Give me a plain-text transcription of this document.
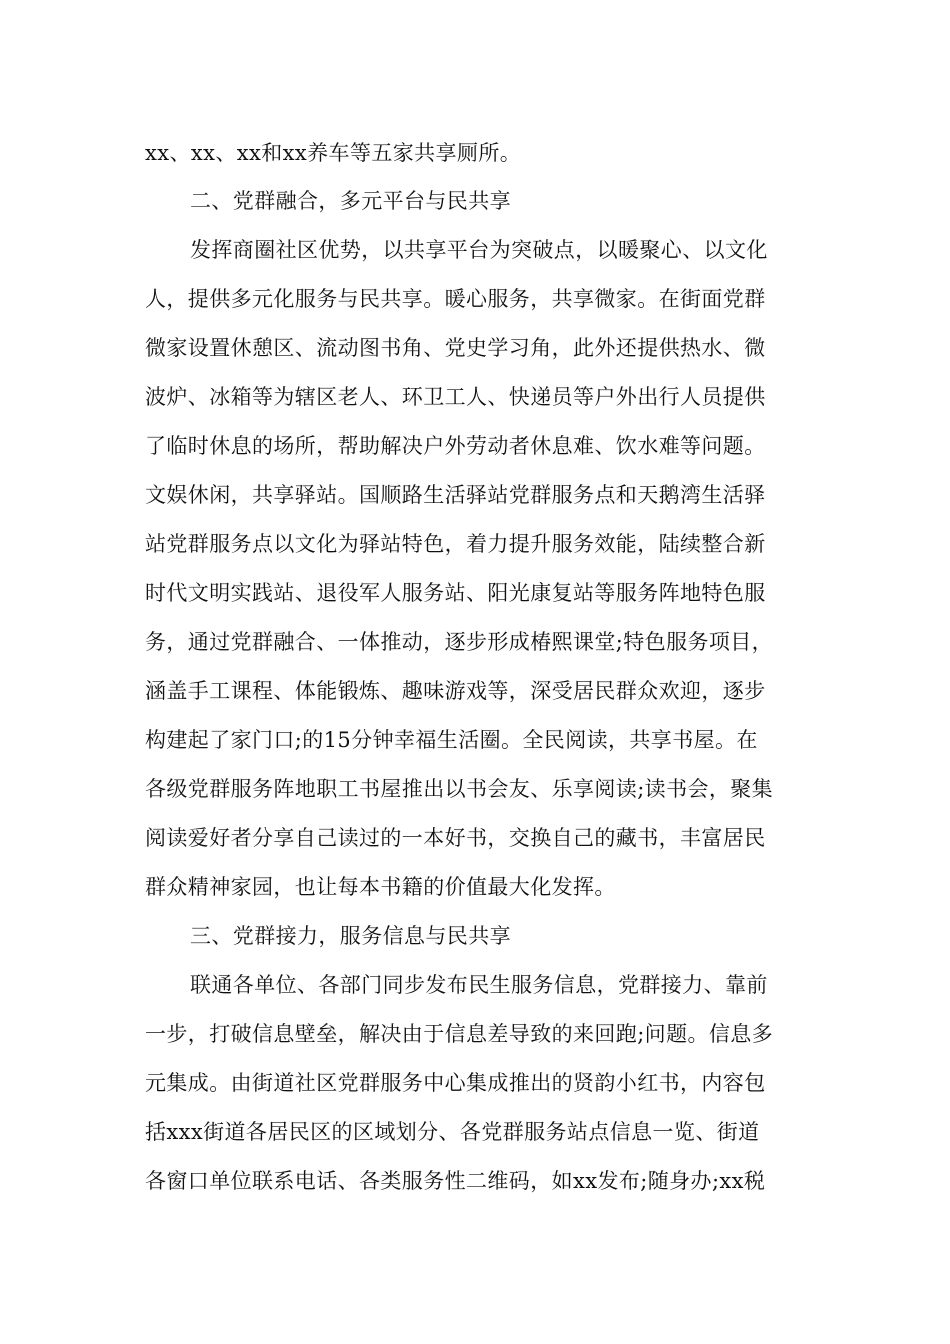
xx、xx、xx和xx养车等五家共享厕所。
二、党群融合，多元平台与民共享
发挥商圈社区优势，以共享平台为突破点，以暖聚心、以文化
人，提供多元化服务与民共享。暖心服务，共享微家。在街面党群
微家设置休憩区、流动图书角、党史学习角，此外还提供热水、微
波炉、冰箱等为辖区老人、环卫工人、快递员等户外出行人员提供
了临时休息的场所，帮助解决户外劳动者休息难、饮水难等问题。
文娱休闲，共享驿站。国顺路生活驿站党群服务点和天鹅湾生活驿
站党群服务点以文化为驿站特色，着力提升服务效能，陆续整合新
时代文明实践站、退役军人服务站、阳光康复站等服务阵地特色服
务，通过党群融合、一体推动，逐步形成椿熙课堂;特色服务项目，
涵盖手工课程、体能锻炼、趣味游戏等，深受居民群众欢迎，逐步
构建起了家门口;的15分钟幸福生活圈。全民阅读，共享书屋。在
各级党群服务阵地职工书屋推出以书会友、乐享阅读;读书会，聚集
阅读爱好者分享自己读过的一本好书，交换自己的藏书，丰富居民
群众精神家园，也让每本书籍的价值最大化发挥。
三、党群接力，服务信息与民共享
联通各单位、各部门同步发布民生服务信息，党群接力、靠前
一步，打破信息壁垒，解决由于信息差导致的来回跑;问题。信息多
元集成。由街道社区党群服务中心集成推出的贤韵小红书，内容包
括xxx街道各居民区的区域划分、各党群服务站点信息一览、街道
各窗口单位联系电话、各类服务性二维码，如xx发布;随身办;xx税
